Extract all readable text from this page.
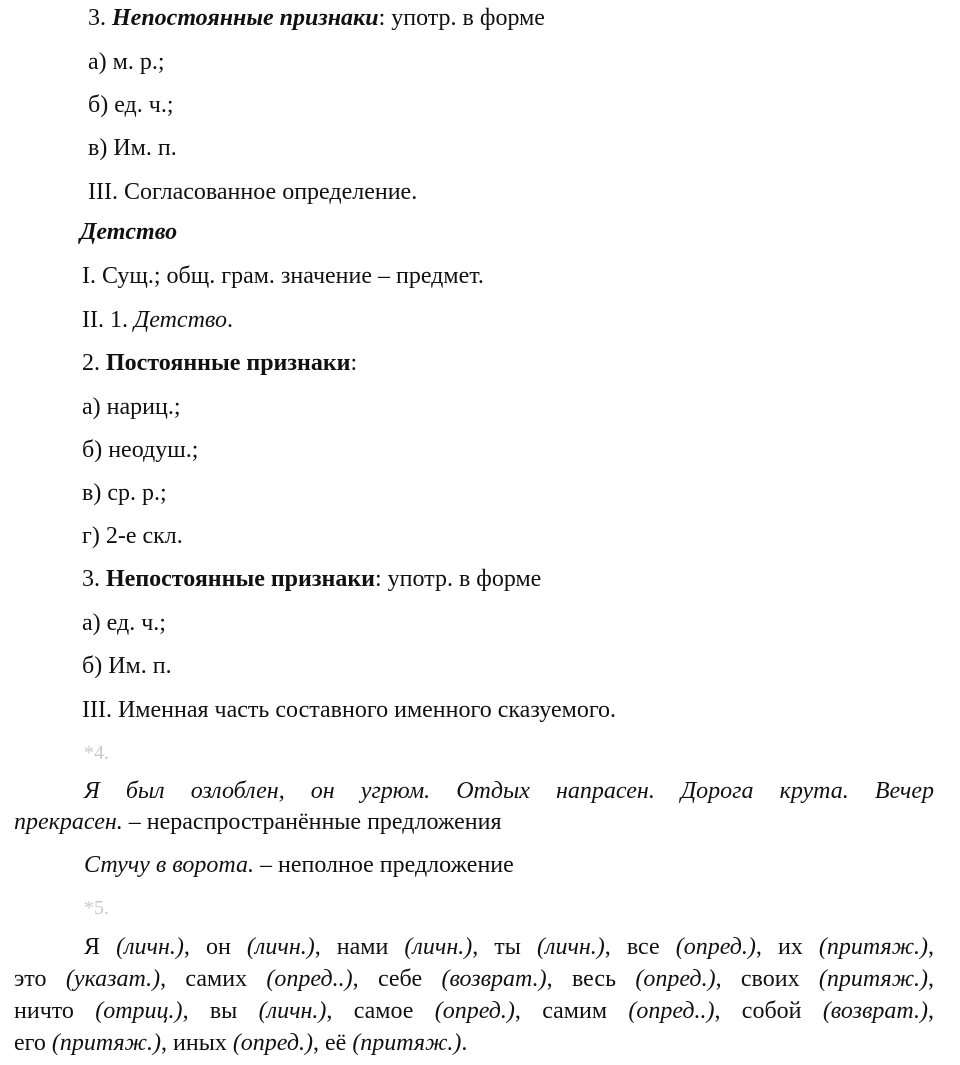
3. Непостоянные признаки: употр. в форме

а) м. р.;

б) ед. ч.;

в) Им. п.

III. Согласованное определение.

Детство

I. Сущ.; общ. грам. значение – предмет.

II. 1. Детство.

2. Постоянные признаки:

а) нариц.;

б) неодуш.;

в) ср. р.;

г) 2-е скл.

3. Непостоянные признаки: употр. в форме

а) ед. ч.;

б) Им. п.

III. Именная часть составного именного сказуемого.

*4.

Я был озлоблен, он угрюм. Отдых напрасен. Дорога крута. Вечер

прекрасен. – нераспространённые предложения

Стучу в ворота. – неполное предложение

*5.

Я (личн.), он (личн.), нами (личн.), ты (личн.), все (опред.), их (притяж.),

это (указат.), самих (опред..), себе (возврат.), весь (опред.), своих (притяж.),

ничто (отриц.), вы (личн.), самое (опред.), самим (опред..), собой (возврат.),

его (притяж.), иных (опред.), её (притяж.).
